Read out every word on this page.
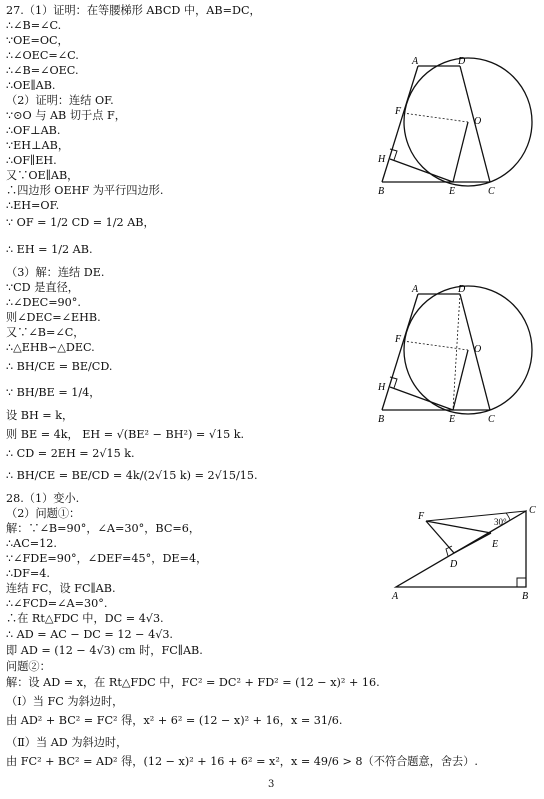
27.（1）证明：在等腰梯形 ABCD 中，AB=DC，
∴∠B=∠C.
∵OE=OC，
∴∠OEC=∠C.
∴∠B=∠OEC.
∴OE∥AB.
（2）证明：连结 OF.
∵⊙O 与 AB 切于点 F，
∴OF⊥AB.
∵EH⊥AB，
∴OF∥EH.
又∵OE∥AB，
∴四边形 OEHF 为平行四边形.
∴EH=OF.
∵ OF = 1/2 CD = 1/2 AB，
∴ EH = 1/2 AB.
（3）解：连结 DE.
∵CD 是直径，
∴∠DEC=90°.
则∠DEC=∠EHB.
又∵∠B=∠C，
∴△EHB∽△DEC.
∴ BH/CE = BE/CD.
∵ BH/BE = 1/4，
设 BH = k，
则 BE = 4k， EH = √(BE² − BH²) = √15 k.
∴ CD = 2EH = 2√15 k.
∴ BH/CE = BE/CD = 4k/(2√15 k) = 2√15/15.
28.（1）变小.
（2）问题①：
解：∵∠B=90°，∠A=30°，BC=6，
∴AC=12.
∵∠FDE=90°，∠DEF=45°，DE=4，
∴DF=4.
连结 FC，设 FC∥AB.
∴∠FCD=∠A=30°.
∴在 Rt△FDC 中，DC = 4√3.
∴ AD = AC − DC = 12 − 4√3.
即 AD = (12 − 4√3) cm 时，FC∥AB.
问题②：
解：设 AD = x，在 Rt△FDC 中，FC² = DC² + FD² = (12 − x)² + 16.
（Ⅰ）当 FC 为斜边时，
由 AD² + BC² = FC² 得，x² + 6² = (12 − x)² + 16，x = 31/6.
（Ⅱ）当 AD 为斜边时，
由 FC² + BC² = AD² 得，(12 − x)² + 16 + 6² = x²，x = 49/6 > 8（不符合题意，舍去）.
A	D
F
O
H
B	E	C
A	D
F
O
H
B	E	C
F	30°
C
E
D
A	B
3
